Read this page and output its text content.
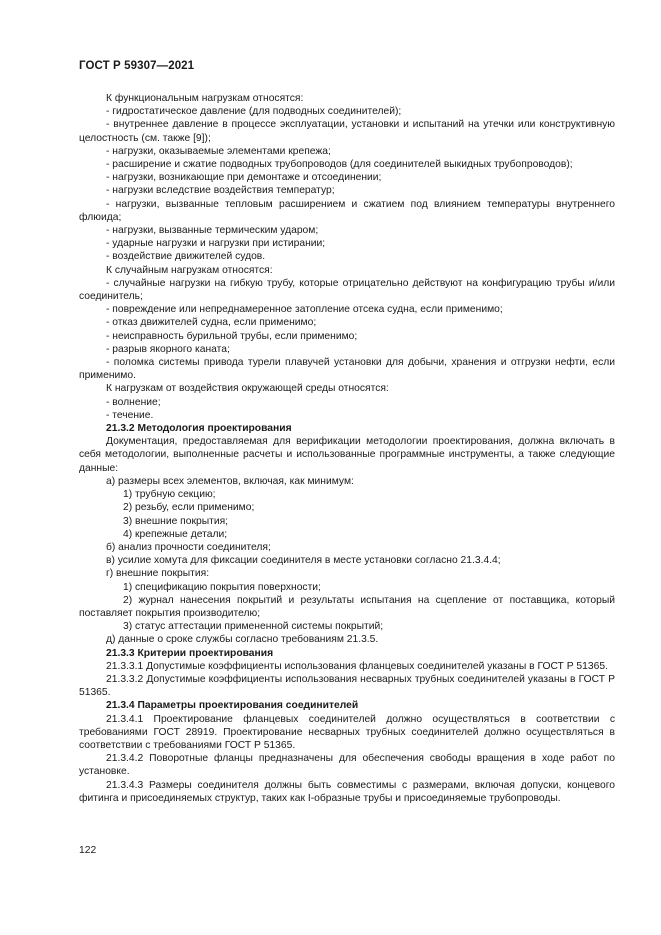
ГОСТ Р 59307—2021

К функциональным нагрузкам относятся:

- гидростатическое давление (для подводных соединителей);

- внутреннее давление в процессе эксплуатации, установки и испытаний на утечки или конструктивную целостность (см. также [9]);

- нагрузки, оказываемые элементами крепежа;

- расширение и сжатие подводных трубопроводов (для соединителей выкидных трубопроводов);

- нагрузки, возникающие при демонтаже и отсоединении;

- нагрузки вследствие воздействия температур;

- нагрузки, вызванные тепловым расширением и сжатием под влиянием температуры внутреннего флюида;

- нагрузки, вызванные термическим ударом;

- ударные нагрузки и нагрузки при истирании;

- воздействие движителей судов.

К случайным нагрузкам относятся:

- случайные нагрузки на гибкую трубу, которые отрицательно действуют на конфигурацию трубы и/или соединитель;

- повреждение или непреднамеренное затопление отсека судна, если применимо;

- отказ движителей судна, если применимо;

- неисправность бурильной трубы, если применимо;

- разрыв якорного каната;

- поломка системы привода турели плавучей установки для добычи, хранения и отгрузки нефти, если применимо.

К нагрузкам от воздействия окружающей среды относятся:

- волнение;

- течение.

21.3.2 Методология проектирования

Документация, предоставляемая для верификации методологии проектирования, должна включать в себя методологии, выполненные расчеты и использованные программные инструменты, а также следующие данные:

а) размеры всех элементов, включая, как минимум:

1) трубную секцию;

2) резьбу, если применимо;

3) внешние покрытия;

4) крепежные детали;

б) анализ прочности соединителя;

в) усилие хомута для фиксации соединителя в месте установки согласно 21.3.4.4;

г) внешние покрытия:

1) спецификацию покрытия поверхности;

2) журнал нанесения покрытий и результаты испытания на сцепление от поставщика, который поставляет покрытия производителю;

3) статус аттестации примененной системы покрытий;

д) данные о сроке службы согласно требованиям 21.3.5.

21.3.3 Критерии проектирования

21.3.3.1 Допустимые коэффициенты использования фланцевых соединителей указаны в ГОСТ Р 51365.

21.3.3.2 Допустимые коэффициенты использования несварных трубных соединителей указаны в ГОСТ Р 51365.

21.3.4 Параметры проектирования соединителей

21.3.4.1 Проектирование фланцевых соединителей должно осуществляться в соответствии с требованиями ГОСТ 28919. Проектирование несварных трубных соединителей должно осуществляться в соответствии с требованиями ГОСТ Р 51365.

21.3.4.2 Поворотные фланцы предназначены для обеспечения свободы вращения в ходе работ по установке.

21.3.4.3 Размеры соединителя должны быть совместимы с размерами, включая допуски, концевого фитинга и присоединяемых структур, таких как I-образные трубы и присоединяемые трубопроводы.

122
